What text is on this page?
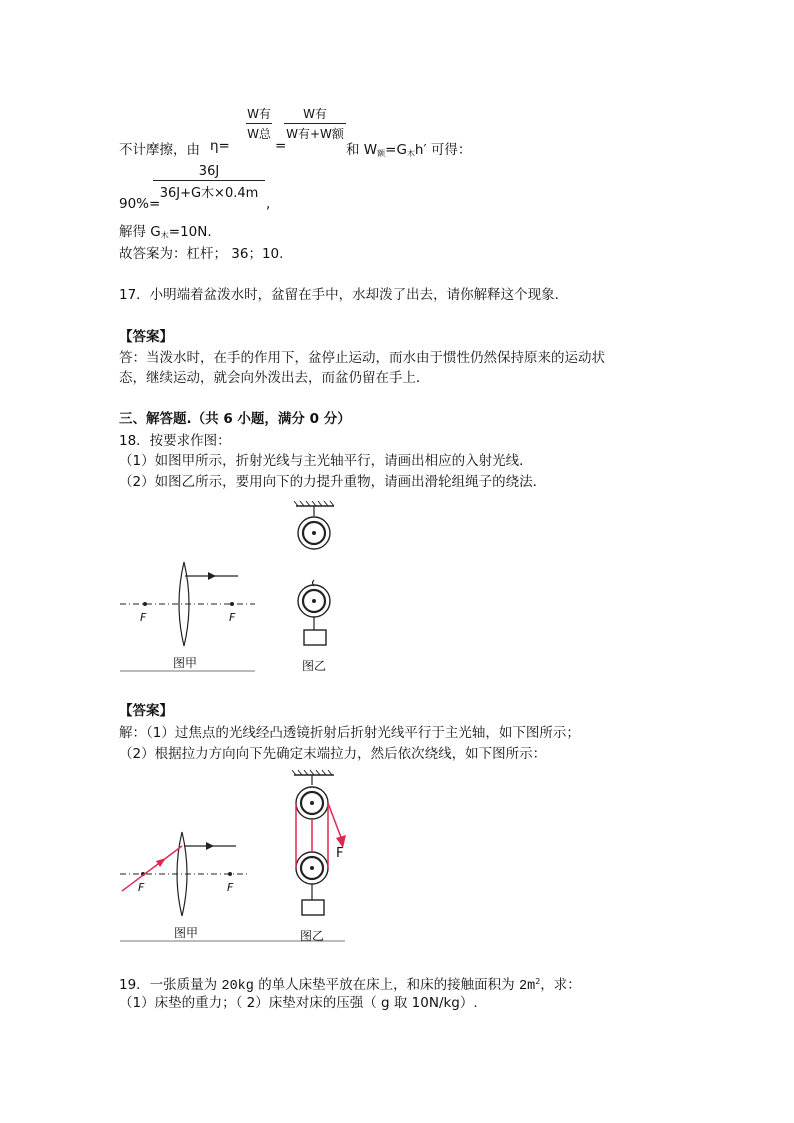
不计摩擦，由 η=
W有
W总
=
W有
W有+W额
和 $W_额=G_木h'$ 可得：
90%=
36J
36J+G木×0.4m
,
解得 $G_木=10N$.
故答案为：杠杆； 36；10.
17．小明端着盆泼水时，盆留在手中，水却泼了出去，请你解释这个现象．
【答案】
答：当泼水时，在手的作用下，盆停止运动，而水由于惯性仍然保持原来的运动状
态，继续运动，就会向外泼出去，而盆仍留在手上．
三、解答题.（共 6 小题，满分 0 分）
18．按要求作图：
（1）如图甲所示，折射光线与主光轴平行，请画出相应的入射光线．
（2）如图乙所示，要用向下的力提升重物，请画出滑轮组绳子的绕法．
F	F
图甲	图乙
【答案】
解：（1）过焦点的光线经凸透镜折射后折射光线平行于主光轴，如下图所示；
（2）根据拉力方向向下先确定末端拉力，然后依次绕线，如下图所示：
F	F
F
图甲	图乙
19．一张质量为 20kg 的单人床垫平放在床上，和床的接触面积为 $2m^2$，求：
（1）床垫的重力；（ 2）床垫对床的压强（ g 取 10N/kg）.
